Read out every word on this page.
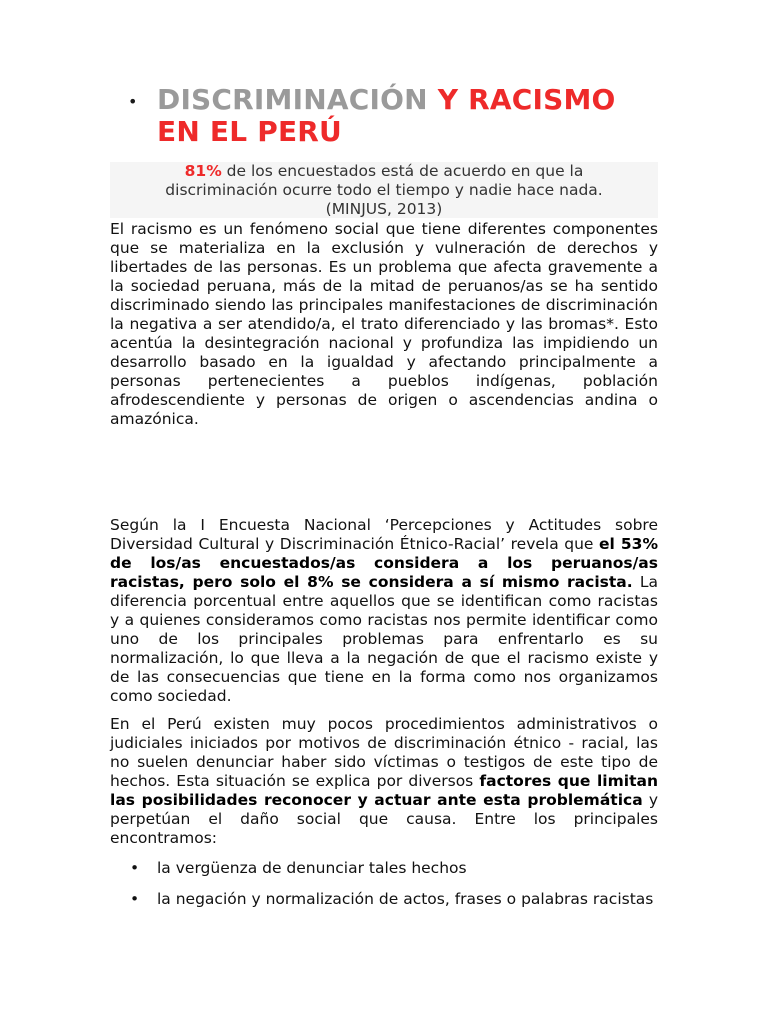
• DISCRIMINACIÓN Y RACISMO EN EL PERÚ
81% de los encuestados está de acuerdo en que la
discriminación ocurre todo el tiempo y nadie hace nada.
(MINJUS, 2013)

El racismo es un fenómeno social que tiene diferentes componentes que se materializa en la exclusión y vulneración de derechos y libertades de las personas. Es un problema que afecta gravemente a la sociedad peruana, más de la mitad de peruanos/as se ha sentido discriminado siendo las principales manifestaciones de discriminación la negativa a ser atendido/a, el trato diferenciado y las bromas*. Esto acentúa la desintegración nacional y profundiza las impidiendo un desarrollo basado en la igualdad y afectando principalmente a personas pertenecientes a pueblos indígenas, población afrodescendiente y personas de origen o ascendencias andina o amazónica.

Según la I Encuesta Nacional ‘Percepciones y Actitudes sobre Diversidad Cultural y Discriminación Étnico-Racial’ revela que el 53% de los/as encuestados/as considera a los peruanos/as racistas, pero solo el 8% se considera a sí mismo racista. La diferencia porcentual entre aquellos que se identifican como racistas y a quienes consideramos como racistas nos permite identificar como uno de los principales problemas para enfrentarlo es su normalización, lo que lleva a la negación de que el racismo existe y de las consecuencias que tiene en la forma como nos organizamos como sociedad.

En el Perú existen muy pocos procedimientos administrativos o judiciales iniciados por motivos de discriminación étnico - racial, las no suelen denunciar haber sido víctimas o testigos de este tipo de hechos. Esta situación se explica por diversos factores que limitan las posibilidades reconocer y actuar ante esta problemática y perpetúan el daño social que causa. Entre los principales encontramos:

• la vergüenza de denunciar tales hechos
• la negación y normalización de actos, frases o palabras racistas
